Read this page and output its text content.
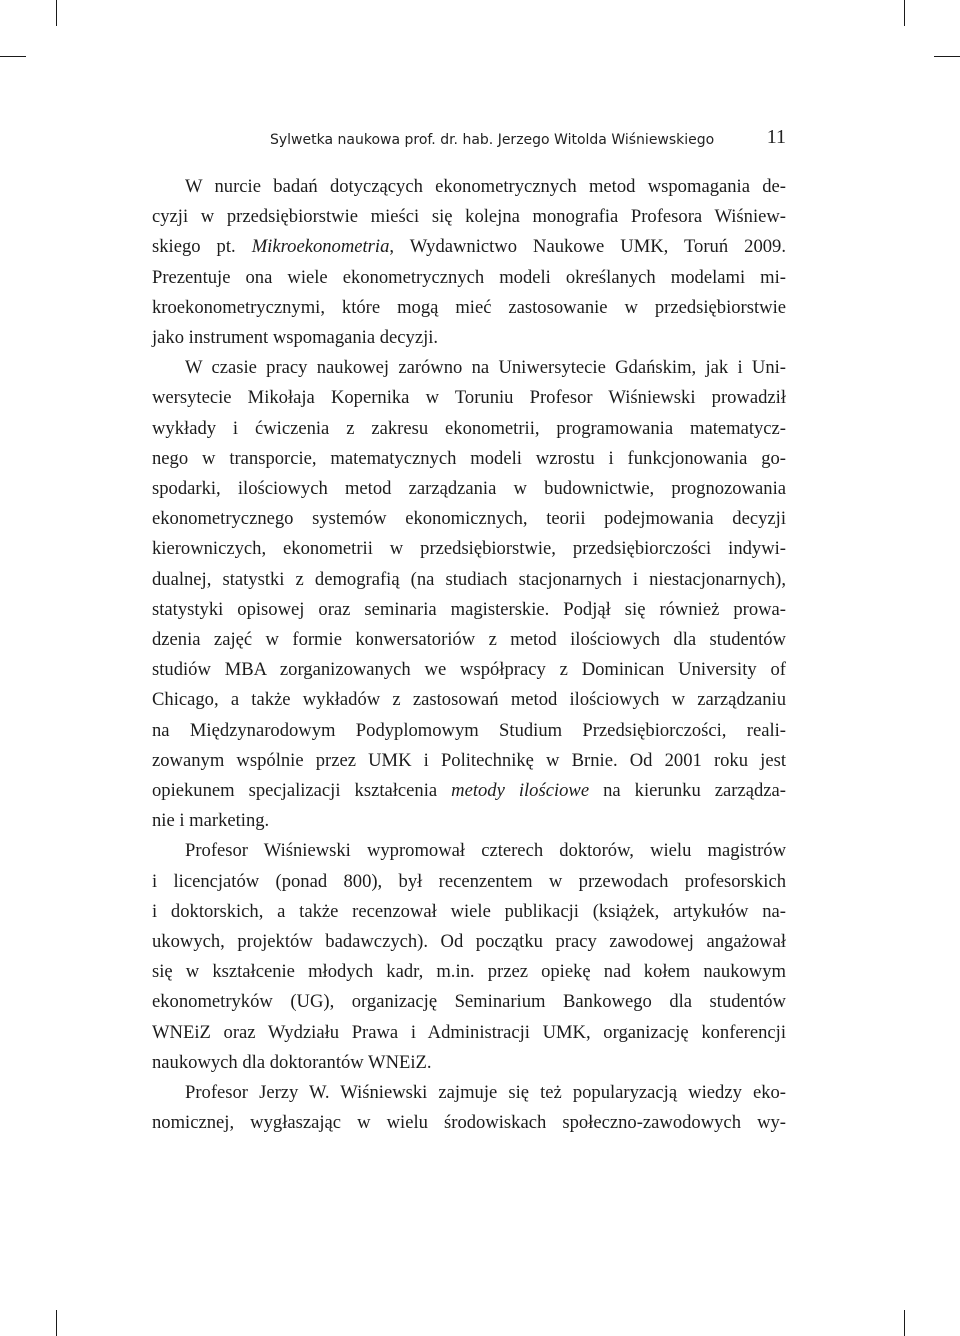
Sylwetka naukowa prof. dr. hab. Jerzego Witolda Wiśniewskiego	11

W nurcie badań dotyczących ekonometrycznych metod wspomagania de-
cyzji w przedsiębiorstwie mieści się kolejna monografia Profesora Wiśniew-
skiego pt. Mikroekonometria, Wydawnictwo Naukowe UMK, Toruń 2009.
Prezentuje ona wiele ekonometrycznych modeli określanych modelami mi-
kroekonometrycznymi, które mogą mieć zastosowanie w przedsiębiorstwie
jako instrument wspomagania decyzji.

W czasie pracy naukowej zarówno na Uniwersytecie Gdańskim, jak i Uni-
wersytecie Mikołaja Kopernika w Toruniu Profesor Wiśniewski prowadził
wykłady i ćwiczenia z zakresu ekonometrii, programowania matematycz-
nego w transporcie, matematycznych modeli wzrostu i funkcjonowania go-
spodarki, ilościowych metod zarządzania w budownictwie, prognozowania
ekonometrycznego systemów ekonomicznych, teorii podejmowania decyzji
kierowniczych, ekonometrii w przedsiębiorstwie, przedsiębiorczości indywi-
dualnej, statystki z demografią (na studiach stacjonarnych i niestacjonarnych),
statystyki opisowej oraz seminaria magisterskie. Podjął się również prowa-
dzenia zajęć w formie konwersatoriów z metod ilościowych dla studentów
studiów MBA zorganizowanych we współpracy z Dominican University of
Chicago, a także wykładów z zastosowań metod ilościowych w zarządzaniu
na Międzynarodowym Podyplomowym Studium Przedsiębiorczości, reali-
zowanym wspólnie przez UMK i Politechnikę w Brnie. Od 2001 roku jest
opiekunem specjalizacji kształcenia metody ilościowe na kierunku zarządza-
nie i marketing.

Profesor Wiśniewski wypromował czterech doktorów, wielu magistrów
i licencjatów (ponad 800), był recenzentem w przewodach profesorskich
i doktorskich, a także recenzował wiele publikacji (książek, artykułów na-
ukowych, projektów badawczych). Od początku pracy zawodowej angażował
się w kształcenie młodych kadr, m.in. przez opiekę nad kołem naukowym
ekonometryków (UG), organizację Seminarium Bankowego dla studentów
WNEiZ oraz Wydziału Prawa i Administracji UMK, organizację konferencji
naukowych dla doktorantów WNEiZ.

Profesor Jerzy W. Wiśniewski zajmuje się też popularyzacją wiedzy eko-
nomicznej, wygłaszając w wielu środowiskach społeczno-zawodowych wy-
